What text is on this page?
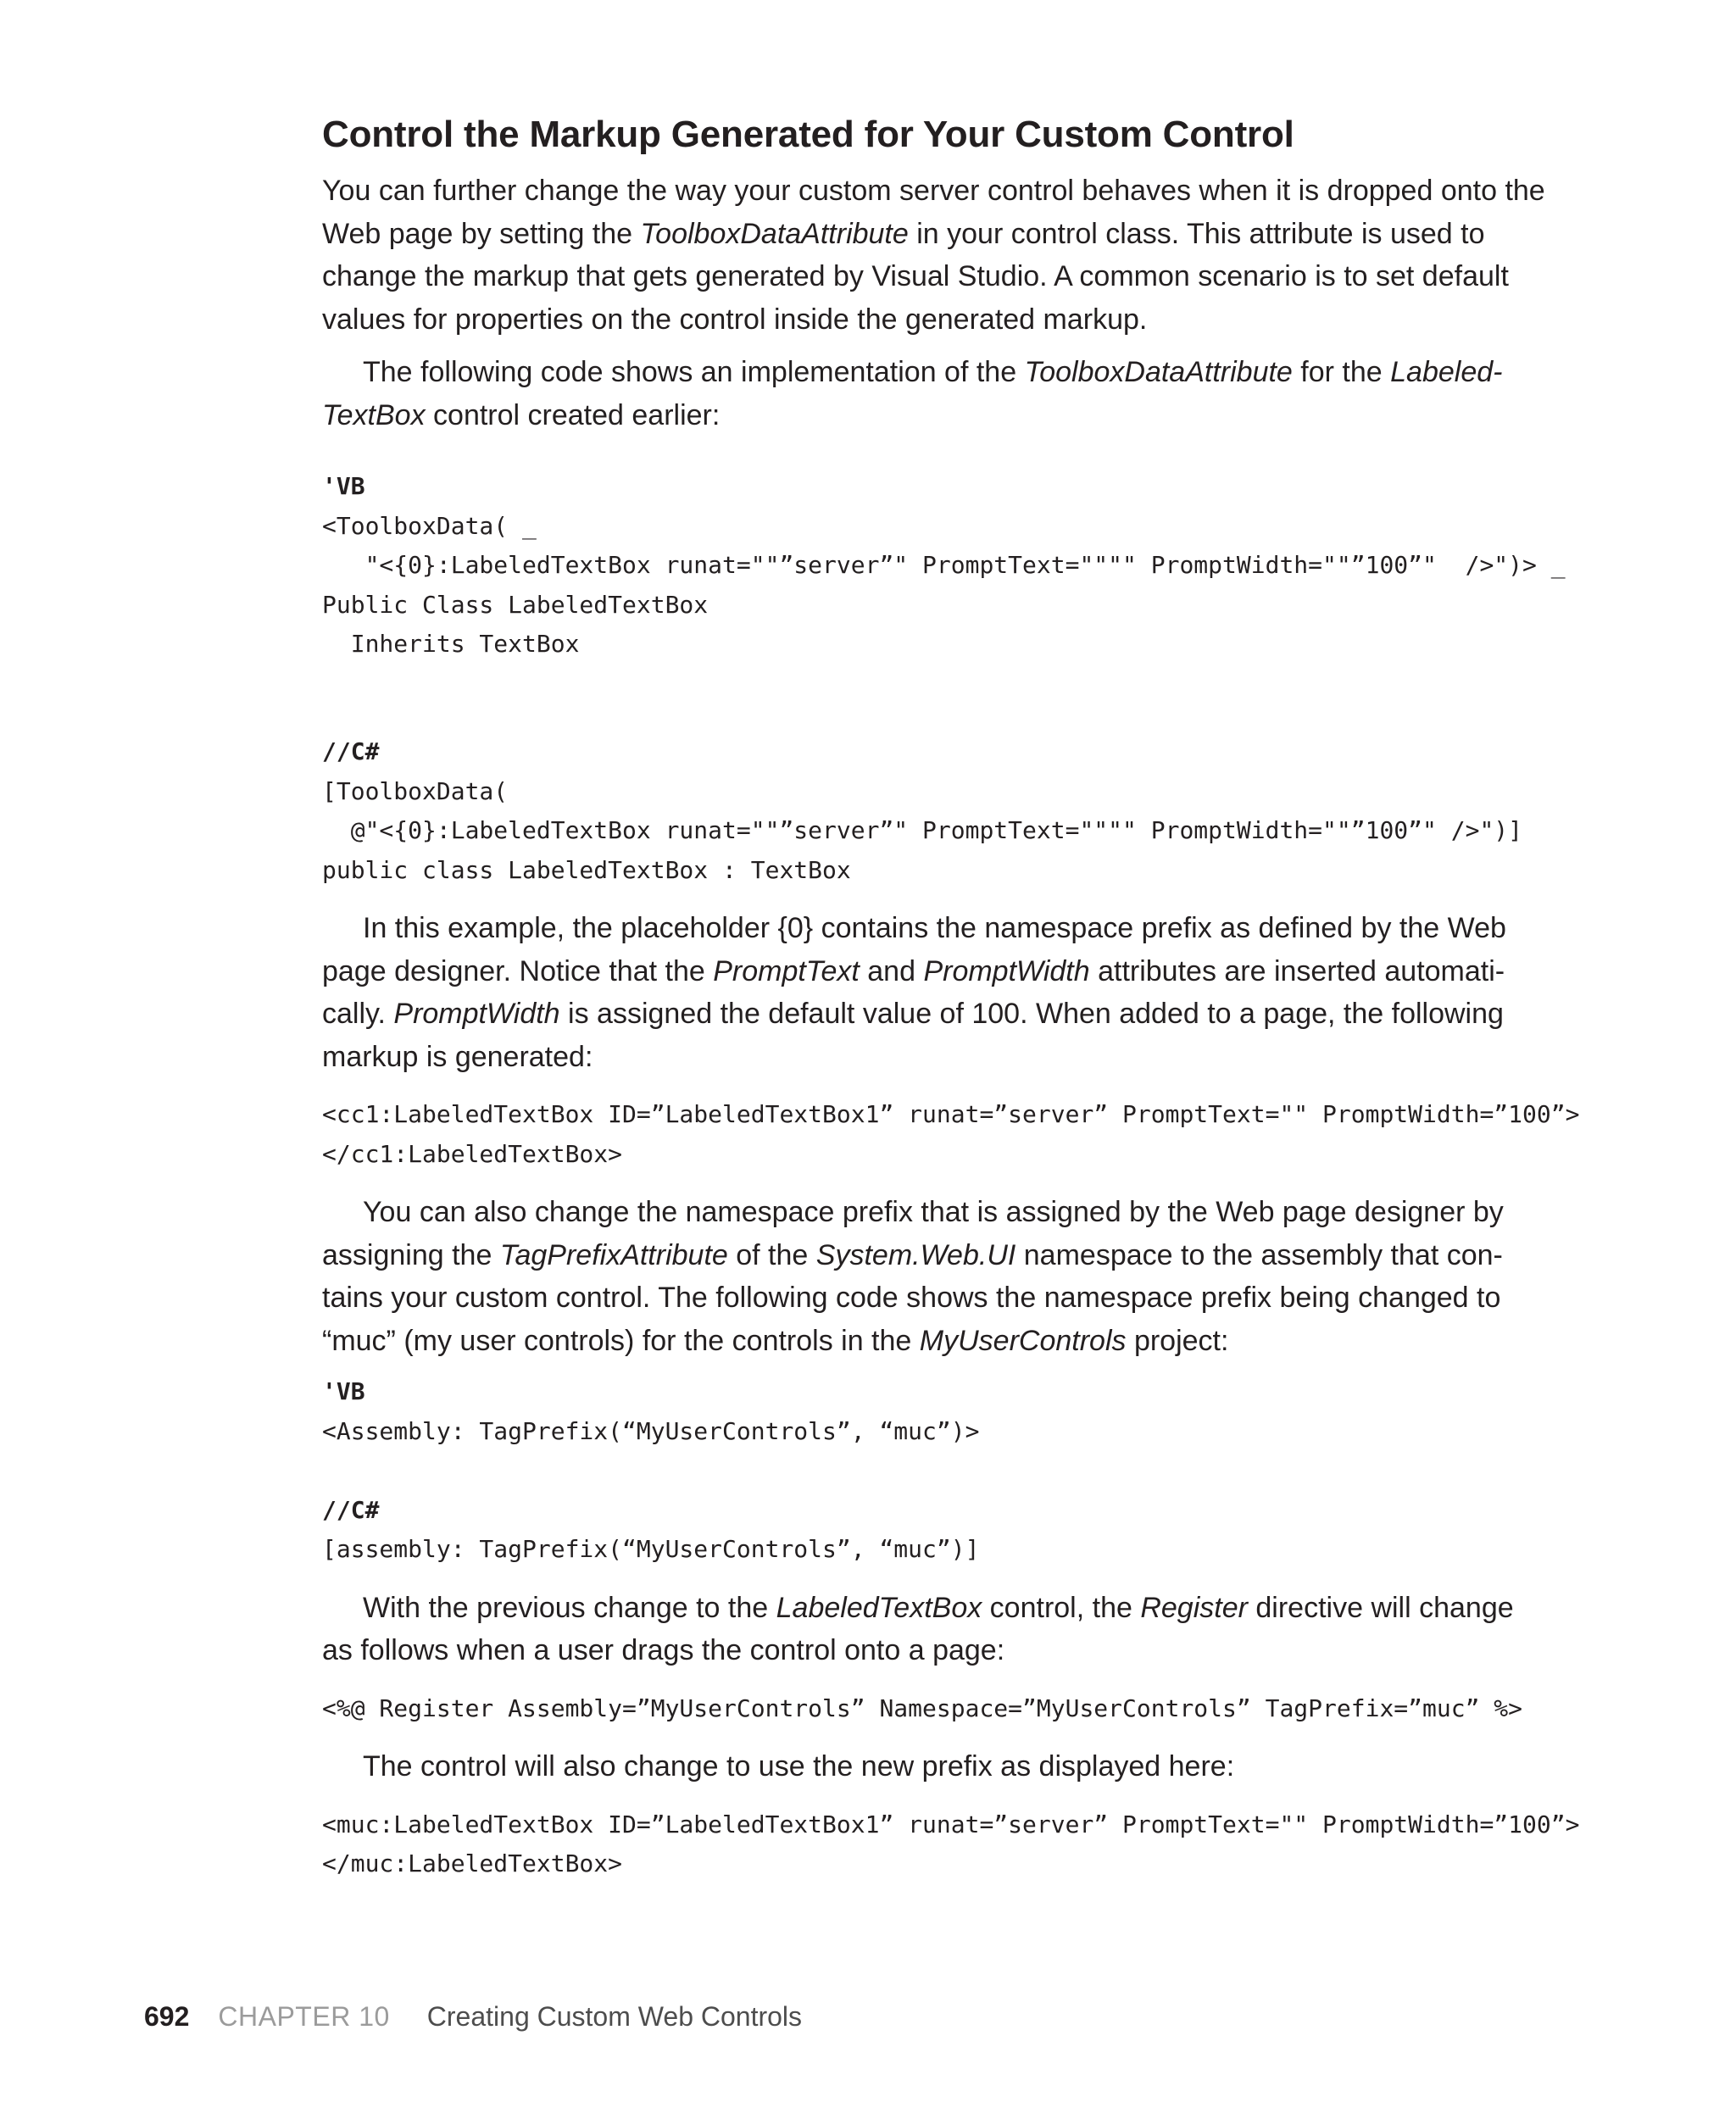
Control the Markup Generated for Your Custom Control

You can further change the way your custom server control behaves when it is dropped onto the Web page by setting the ToolboxDataAttribute in your control class. This attribute is used to change the markup that gets generated by Visual Studio. A common scenario is to set default values for properties on the control inside the generated markup.

The following code shows an implementation of the ToolboxDataAttribute for the Labeled-TextBox control created earlier:

'VB
<ToolboxData( _
"<{0}:LabeledTextBox runat=""”server”" PromptText="""" PromptWidth=""”100”"  />")> _
Public Class LabeledTextBox
Inherits TextBox
//C#
[ToolboxData(
@"<{0}:LabeledTextBox runat=""”server”" PromptText="""" PromptWidth=""”100”" />")]
public class LabeledTextBox : TextBox

In this example, the placeholder {0} contains the namespace prefix as defined by the Web page designer. Notice that the PromptText and PromptWidth attributes are inserted automati-cally. PromptWidth is assigned the default value of 100. When added to a page, the following markup is generated:

<cc1:LabeledTextBox ID=”LabeledTextBox1” runat=”server” PromptText="" PromptWidth=”100”>
</cc1:LabeledTextBox>

You can also change the namespace prefix that is assigned by the Web page designer by assigning the TagPrefixAttribute of the System.Web.UI namespace to the assembly that con-tains your custom control. The following code shows the namespace prefix being changed to “muc” (my user controls) for the controls in the MyUserControls project:

'VB
<Assembly: TagPrefix(“MyUserControls”, “muc”)>
//C#
[assembly: TagPrefix(“MyUserControls”, “muc”)]

With the previous change to the LabeledTextBox control, the Register directive will change as follows when a user drags the control onto a page:

<%@ Register Assembly=”MyUserControls” Namespace=”MyUserControls” TagPrefix=”muc” %>

The control will also change to use the new prefix as displayed here:

<muc:LabeledTextBox ID=”LabeledTextBox1” runat=”server” PromptText="" PromptWidth=”100”>
</muc:LabeledTextBox>
692 CHAPTER 10 Creating Custom Web Controls
